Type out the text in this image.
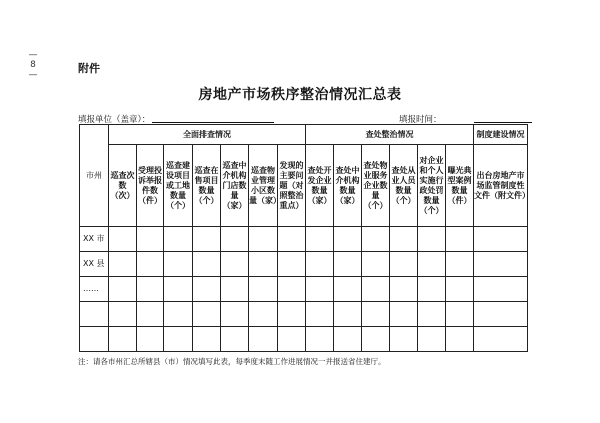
—
8
—	附件
房地产市场秩序整治情况汇总表
填报单位（盖章）：	填报时间：
市州	全面排查情况							查处整治情况						制度建设情况
	巡查次数（次）	受理投诉举报件数（件）	巡查建设项目或工地数量（个）	巡查在售项目数量（个）	巡查中介机构门店数量（家）	巡查物业管理小区数量（家）	发现的主要问题（对照整治重点）	查处开发企业数量（家）	查处中介机构数量（家）	查处物业服务企业数量（个）	查处从业人员数量（个）	对企业和个人实施行政处罚数量（个）	曝光典型案例数量（件）	出台房地产市场监管制度性文件（附文件）
XX 市														
XX 县														
……														

注：请各市州汇总所辖县（市）情况填写此表，每季度末随工作进展情况一并报送省住建厅。
